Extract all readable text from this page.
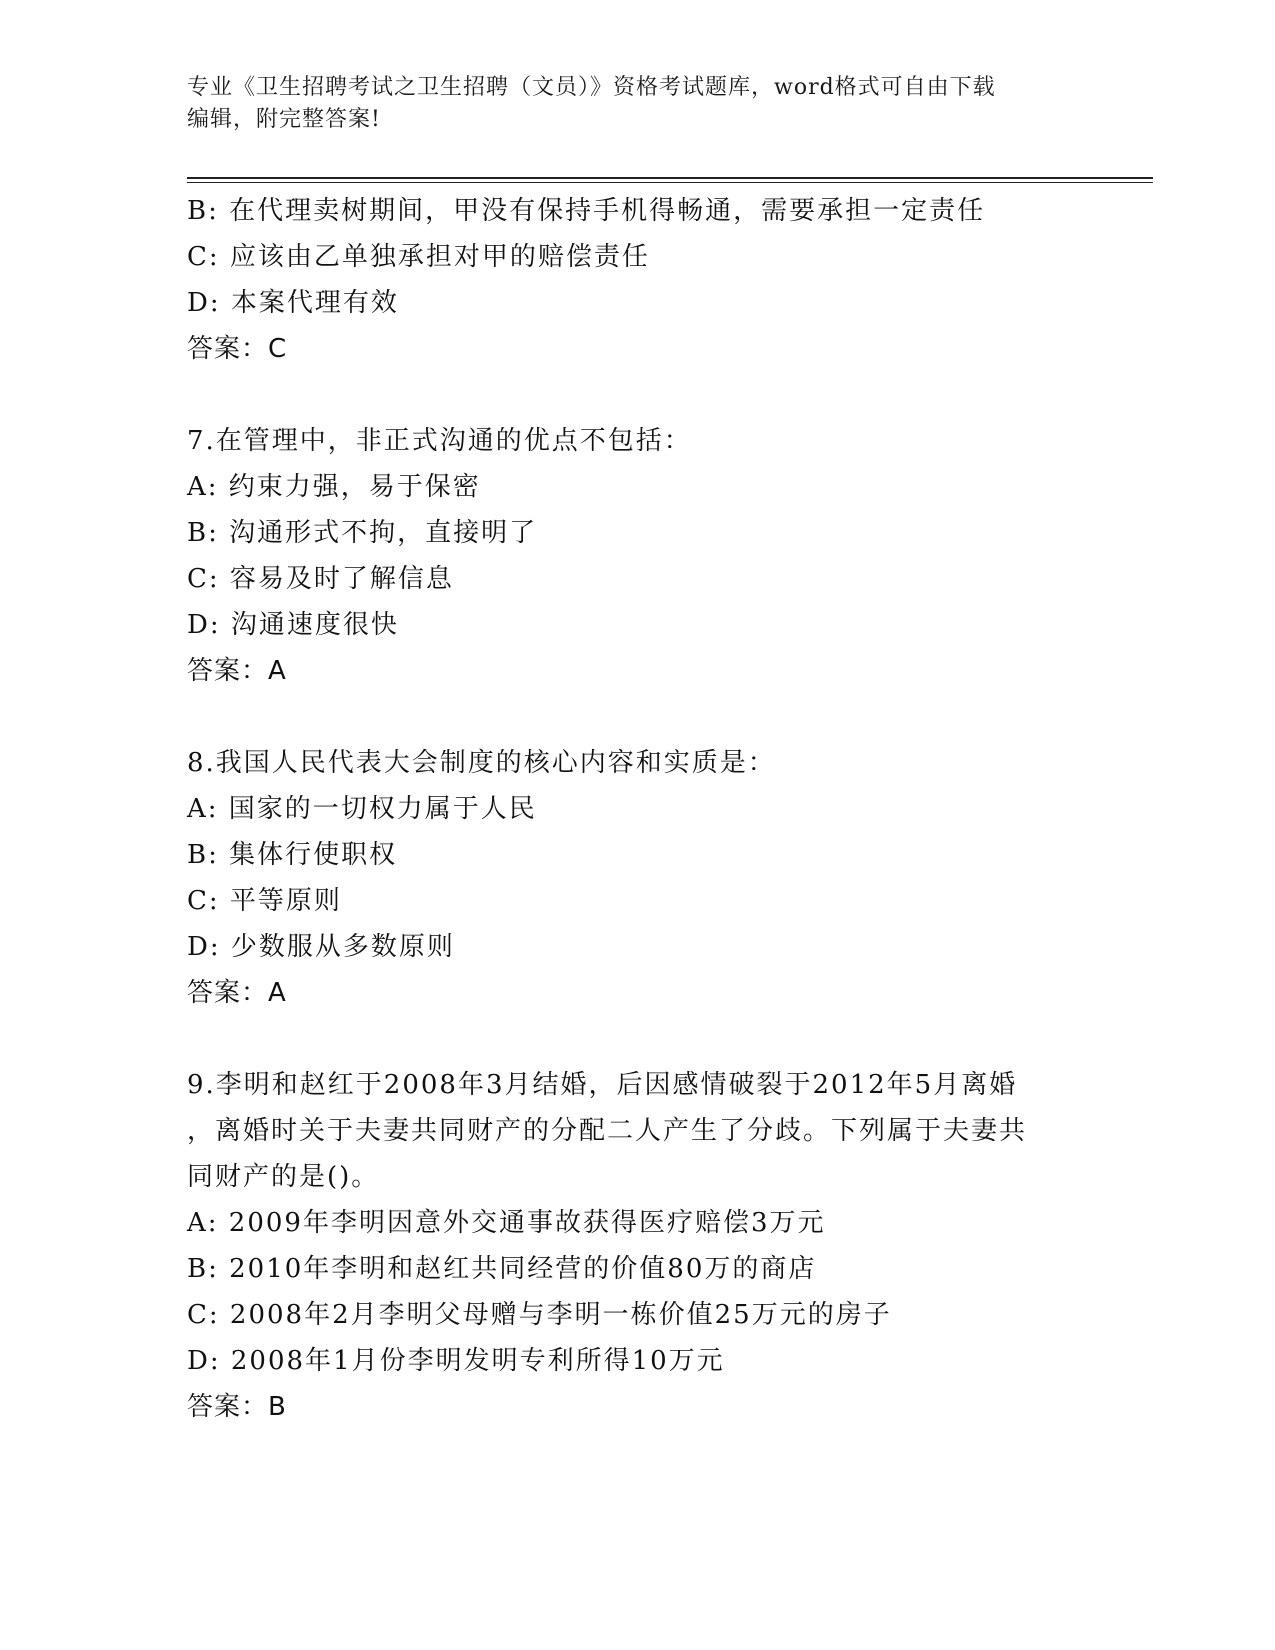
专业《卫生招聘考试之卫生招聘（文员）》资格考试题库，word格式可自由下载
编辑，附完整答案!
B: 在代理卖树期间，甲没有保持手机得畅通，需要承担一定责任
C: 应该由乙单独承担对甲的赔偿责任
D: 本案代理有效
答案：C
7.在管理中，非正式沟通的优点不包括：
A: 约束力强，易于保密
B: 沟通形式不拘，直接明了
C: 容易及时了解信息
D: 沟通速度很快
答案：A
8.我国人民代表大会制度的核心内容和实质是：
A: 国家的一切权力属于人民
B: 集体行使职权
C: 平等原则
D: 少数服从多数原则
答案：A
9.李明和赵红于2008年3月结婚，后因感情破裂于2012年5月离婚
，离婚时关于夫妻共同财产的分配二人产生了分歧。下列属于夫妻共
同财产的是()。
A: 2009年李明因意外交通事故获得医疗赔偿3万元
B: 2010年李明和赵红共同经营的价值80万的商店
C: 2008年2月李明父母赠与李明一栋价值25万元的房子
D: 2008年1月份李明发明专利所得10万元
答案：B
